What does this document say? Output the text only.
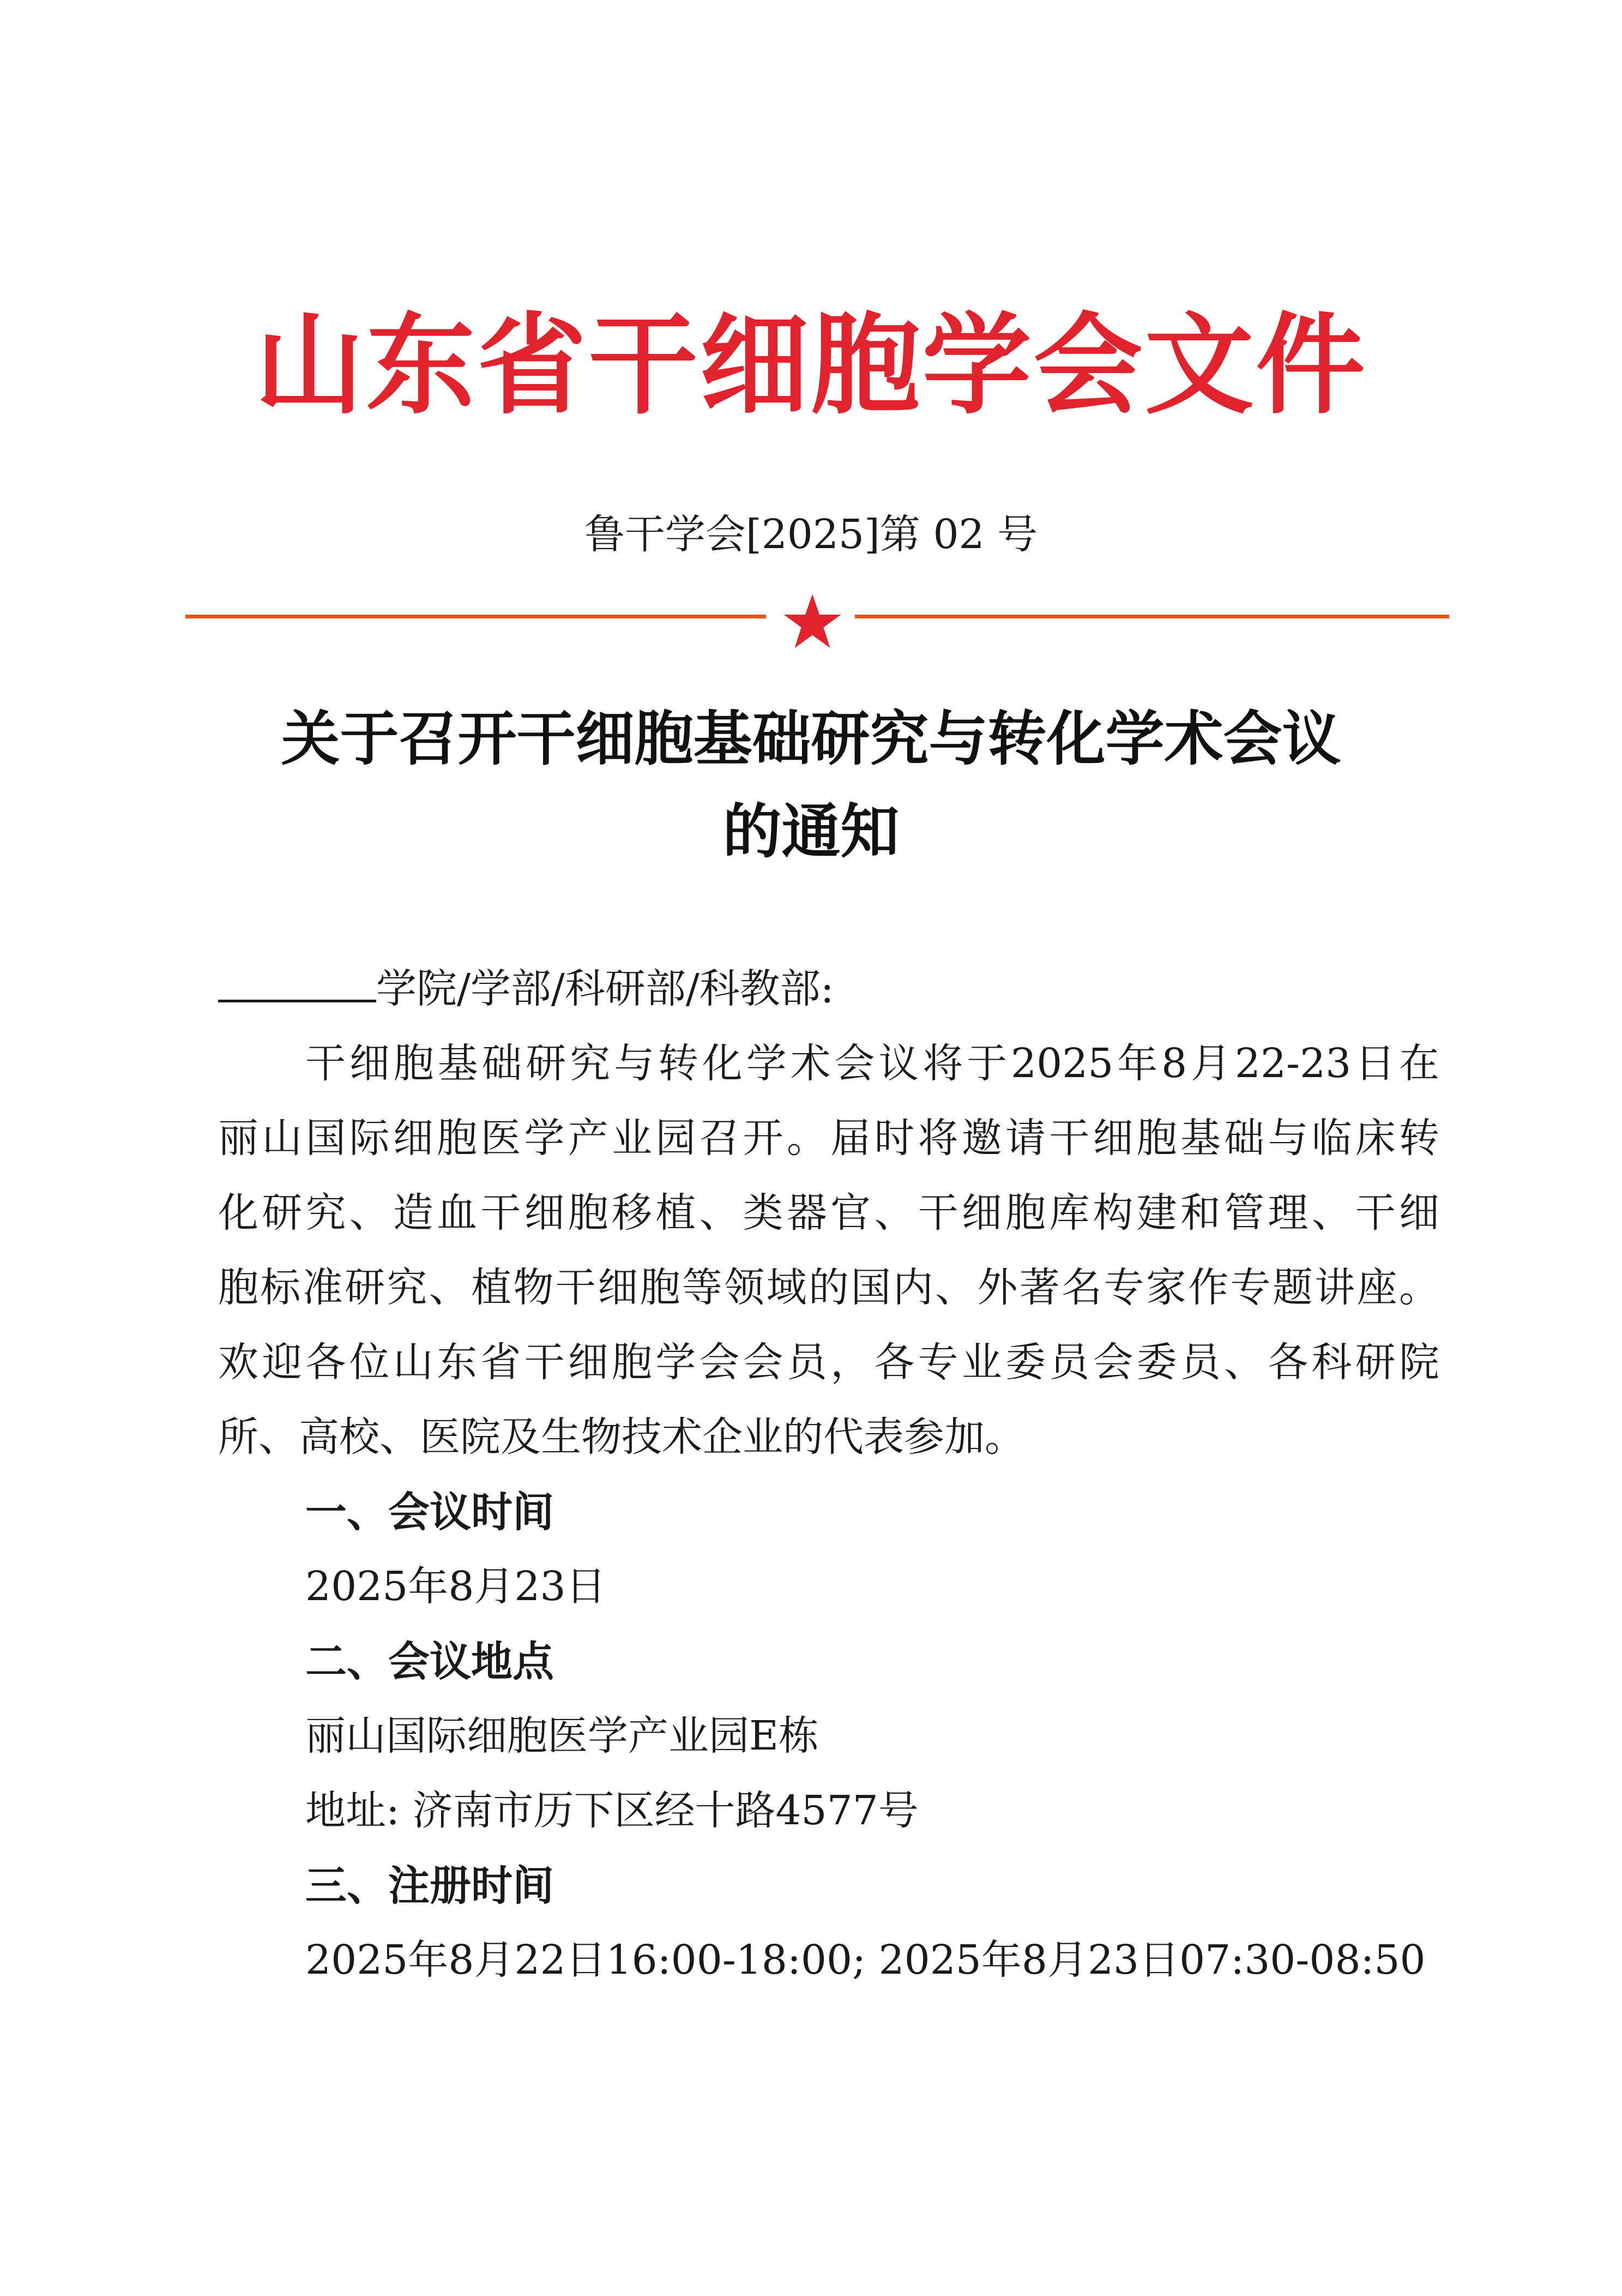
山东省干细胞学会文件
鲁干学会[2025]第 02 号
关于召开干细胞基础研究与转化学术会议
的通知
学院/学部/科研部/科教部:
干细胞基础研究与转化学术会议将于2025年8月22-23日在
丽山国际细胞医学产业园召开。届时将邀请干细胞基础与临床转
化研究、造血干细胞移植、类器官、干细胞库构建和管理、干细
胞标准研究、植物干细胞等领域的国内、外著名专家作专题讲座。
欢迎各位山东省干细胞学会会员，各专业委员会委员、各科研院
所、高校、医院及生物技术企业的代表参加。
一、会议时间
2025年8月23日
二、会议地点
丽山国际细胞医学产业园E栋
地址: 济南市历下区经十路4577号
三、注册时间
2025年8月22日16:00-18:00; 2025年8月23日07:30-08:50
